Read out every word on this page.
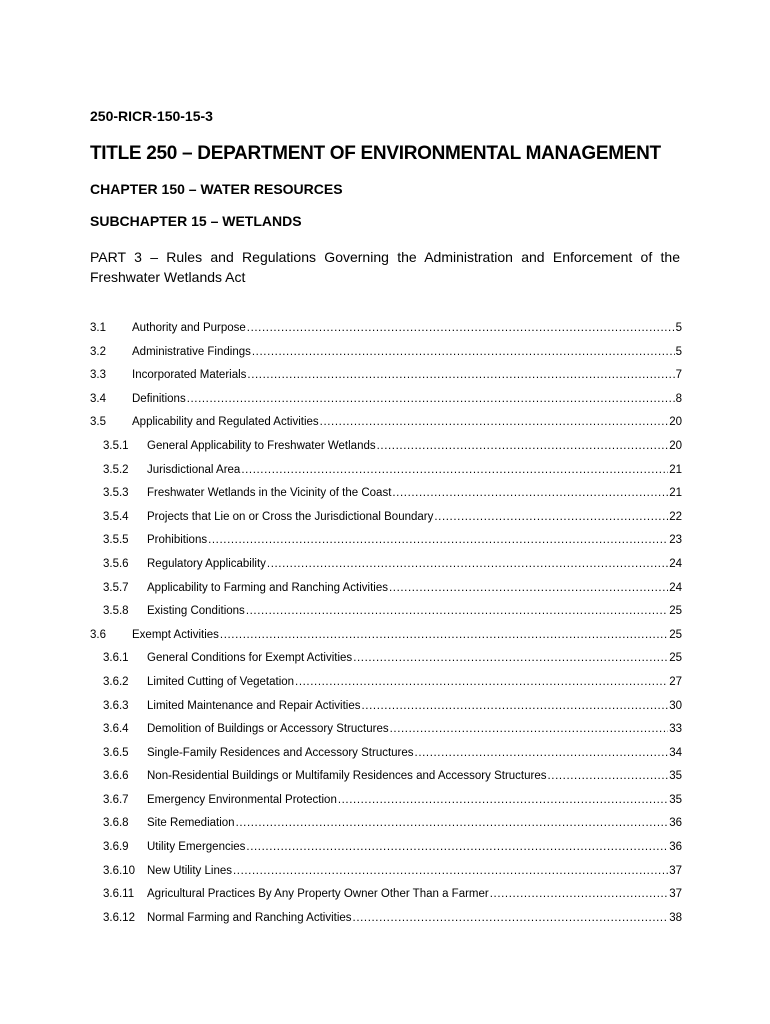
250-RICR-150-15-3
TITLE 250 – DEPARTMENT OF ENVIRONMENTAL MANAGEMENT
CHAPTER 150 – WATER RESOURCES
SUBCHAPTER 15 – WETLANDS
PART 3 – Rules and Regulations Governing the Administration and Enforcement of the Freshwater Wetlands Act
3.1	Authority and Purpose .....	5
3.2	Administrative Findings .....	5
3.3	Incorporated Materials .....	7
3.4	Definitions .....	8
3.5	Applicability and Regulated Activities .....	20
3.5.1	General Applicability to Freshwater Wetlands .....	20
3.5.2	Jurisdictional Area .....	21
3.5.3	Freshwater Wetlands in the Vicinity of the Coast .....	21
3.5.4	Projects that Lie on or Cross the Jurisdictional Boundary .....	22
3.5.5	Prohibitions .....	23
3.5.6	Regulatory Applicability .....	24
3.5.7	Applicability to Farming and Ranching Activities .....	24
3.5.8	Existing Conditions .....	25
3.6	Exempt Activities .....	25
3.6.1	General Conditions for Exempt Activities .....	25
3.6.2	Limited Cutting of Vegetation .....	27
3.6.3	Limited Maintenance and Repair Activities .....	30
3.6.4	Demolition of Buildings or Accessory Structures .....	33
3.6.5	Single-Family Residences and Accessory Structures .....	34
3.6.6	Non-Residential Buildings or Multifamily Residences and Accessory Structures .....	35
3.6.7	Emergency Environmental Protection .....	35
3.6.8	Site Remediation .....	36
3.6.9	Utility Emergencies .....	36
3.6.10	New Utility Lines .....	37
3.6.11	Agricultural Practices By Any Property Owner Other Than a Farmer .....	37
3.6.12	Normal Farming and Ranching Activities .....	38
